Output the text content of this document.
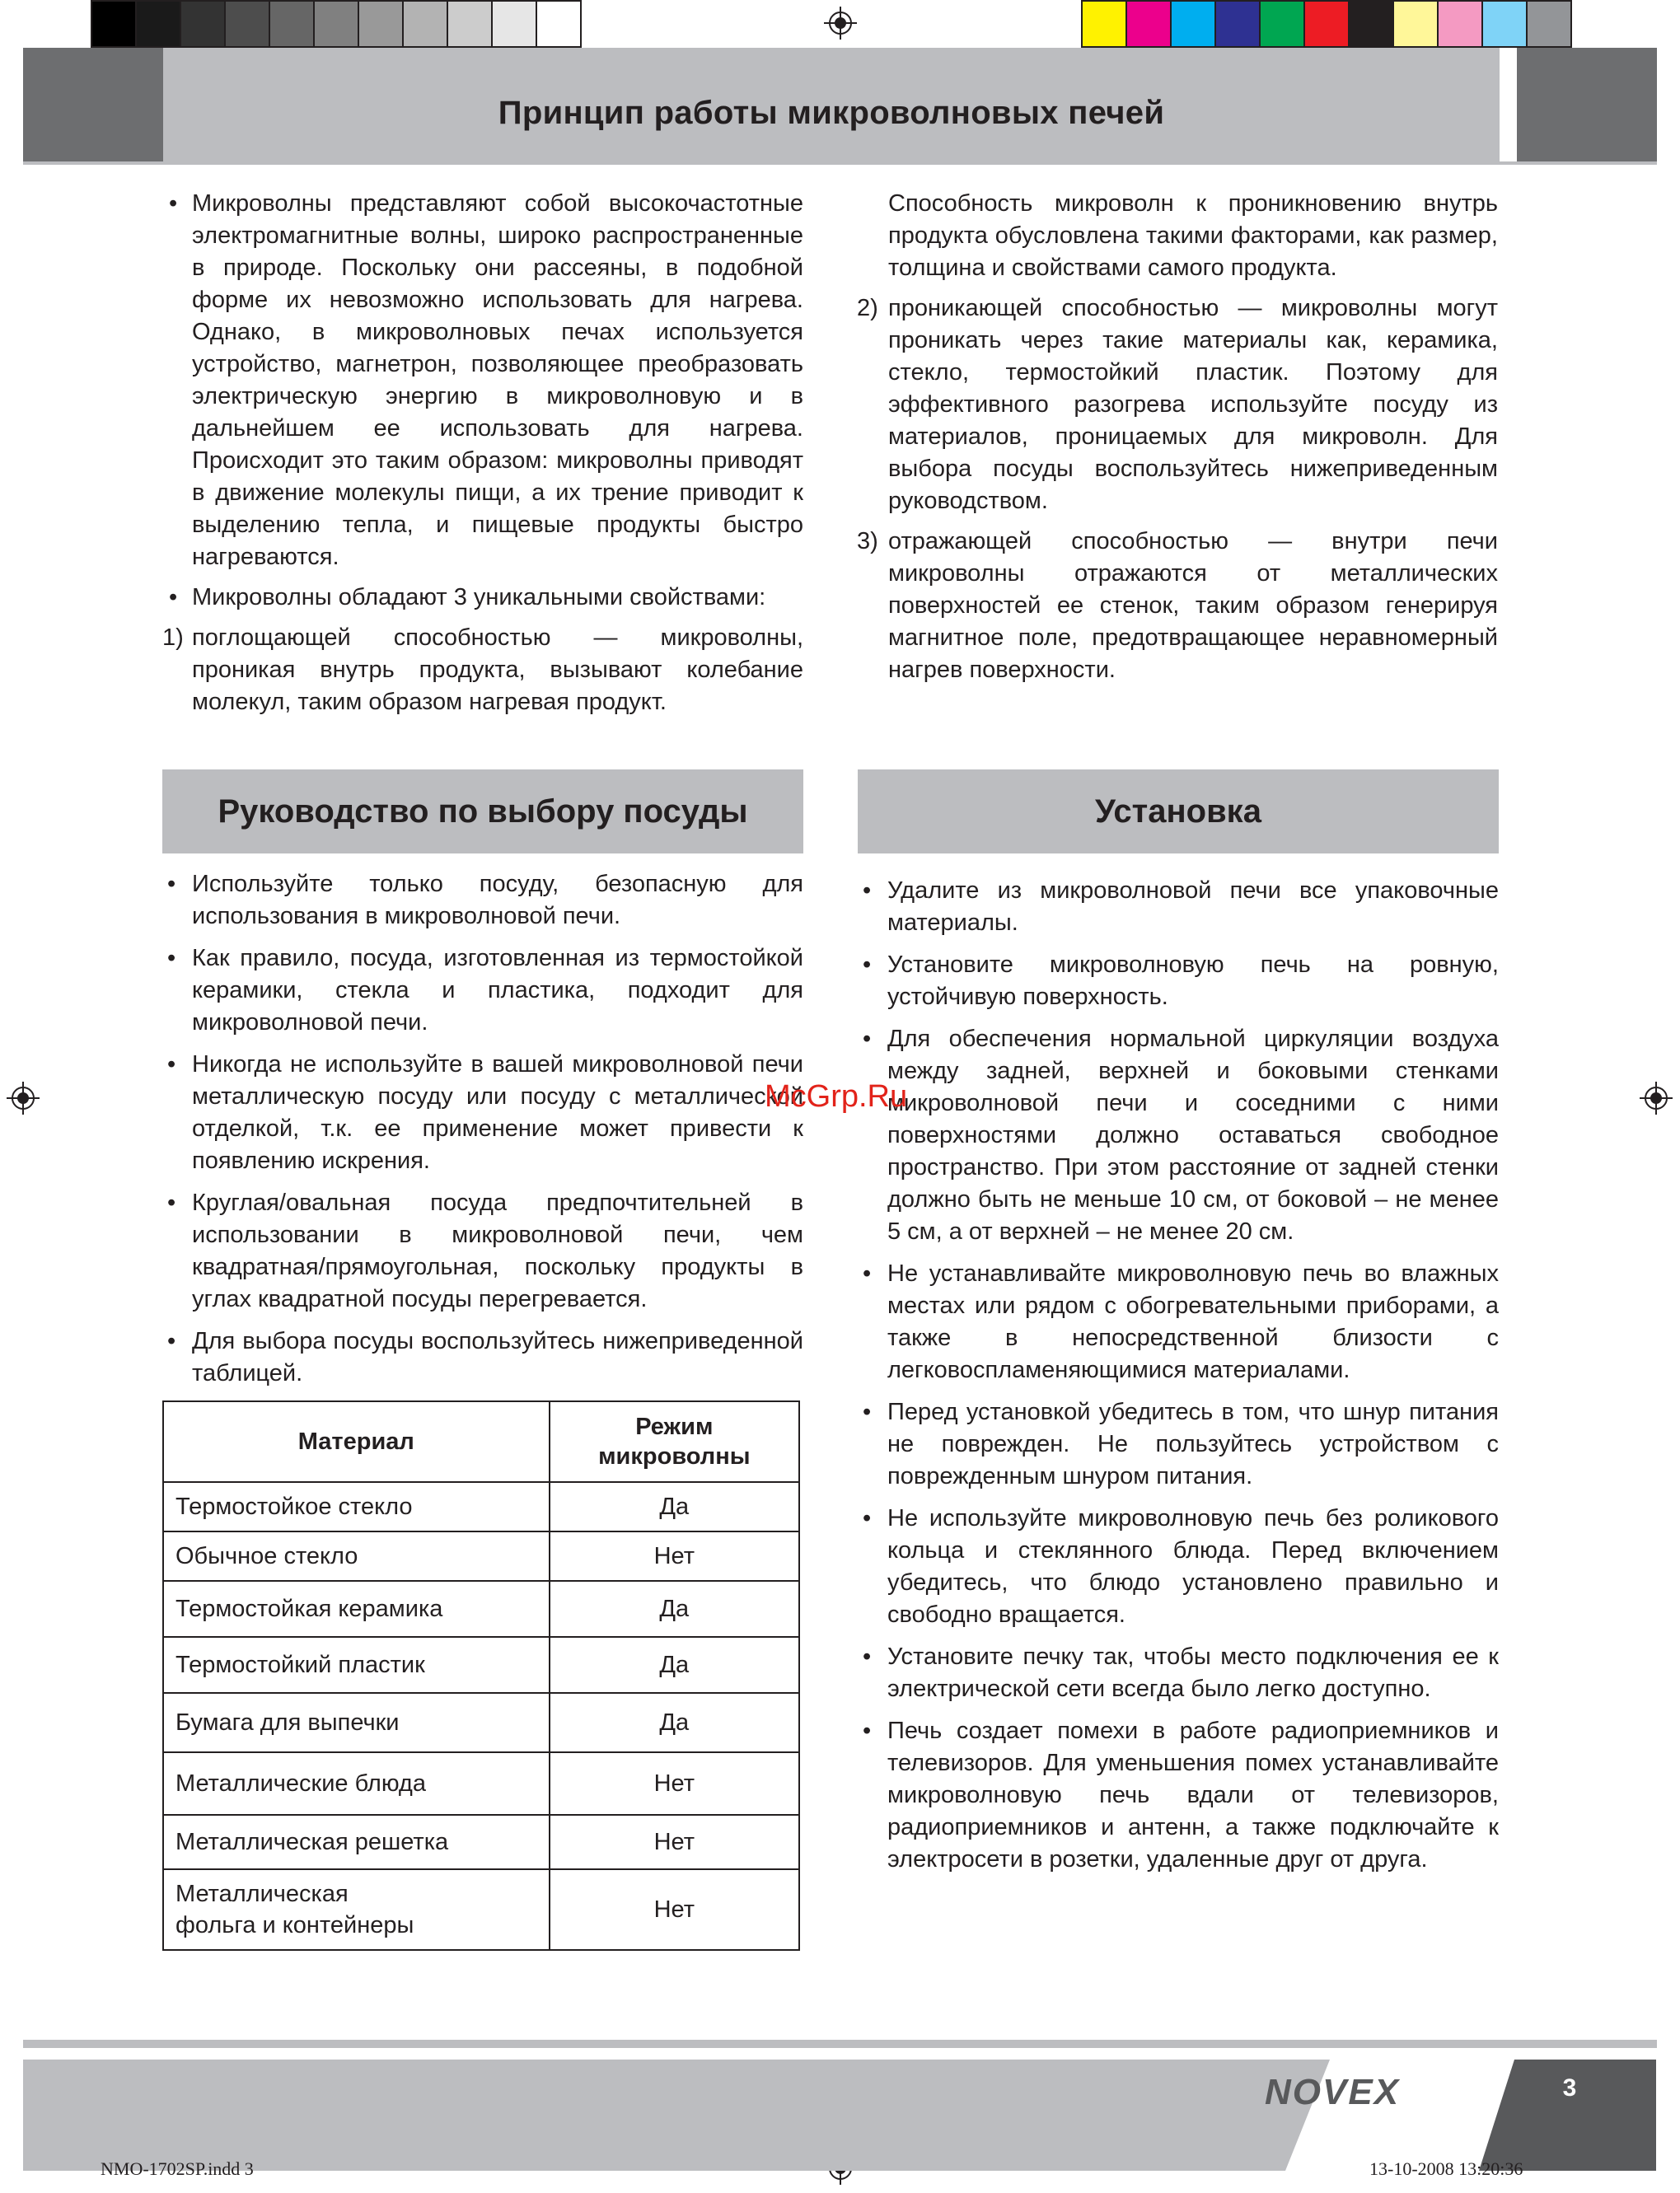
Принцип работы микроволновых печей
• Микроволны представляют собой высокочастотные электромагнитные волны, широко распространенные в природе. Поскольку они рассеяны, в подобной форме их невозможно использовать для нагрева. Однако, в микроволновых печах используется устройство, магнетрон, позволяющее преобразовать электрическую энергию в микроволновую и в дальнейшем ее использовать для нагрева. Происходит это таким образом: микроволны приводят в движение молекулы пищи, а их трение приводит к выделению тепла, и пищевые продукты быстро нагреваются.
• Микроволны обладают 3 уникальными свойствами:
1) поглощающей способностью — микроволны, проникая внутрь продукта, вызывают колебание молекул, таким образом нагревая продукт.
Способность микроволн к проникновению внутрь продукта обусловлена такими факторами, как размер, толщина и свойствами самого продукта.
2) проникающей способностью — микроволны могут проникать через такие материалы как, керамика, стекло, термостойкий пластик. Поэтому для эффективного разогрева используйте посуду из материалов, проницаемых для микроволн. Для выбора посуды воспользуйтесь нижеприведенным руководством.
3) отражающей способностью — внутри печи микроволны отражаются от металлических поверхностей ее стенок, таким образом генерируя магнитное поле, предотвращающее неравномерный нагрев поверхности.
Руководство по выбору посуды	Установка
• Используйте только посуду, безопасную для использования в микроволновой печи.
• Как правило, посуда, изготовленная из термостойкой керамики, стекла и пластика, подходит для микроволновой печи.
• Никогда не используйте в вашей микроволновой печи металлическую посуду или посуду с металлической отделкой, т.к. ее применение может привести к появлению искрения.
• Круглая/овальная посуда предпочтительней в использовании в микроволновой печи, чем квадратная/прямоугольная, поскольку продукты в углах квадратной посуды перегревается.
• Для выбора посуды воспользуйтесь нижеприведенной таблицей.
Материал	Режим микроволны
Термостойкое стекло	Да
Обычное стекло	Нет
Термостойкая керамика	Да
Термостойкий пластик	Да
Бумага для выпечки	Да
Металлические блюда	Нет
Металлическая решетка	Нет
Металлическая фольга и контейнеры	Нет
• Удалите из микроволновой печи все упаковочные материалы.
• Установите микроволновую печь на ровную, устойчивую поверхность.
• Для обеспечения нормальной циркуляции воздуха между задней, верхней и боковыми стенками микроволновой печи и соседними с ними поверхностями должно оставаться свободное пространство. При этом расстояние от задней стенки должно быть не меньше 10 см, от боковой – не менее 5 см, а от верхней – не менее 20 см.
• Не устанавливайте микроволновую печь во влажных местах или рядом с обогревательными приборами, а также в непосредственной близости с легковоспламеняющимися материалами.
• Перед установкой убедитесь в том, что шнур питания не поврежден. Не пользуйтесь устройством с поврежденным шнуром питания.
• Не используйте микроволновую печь без роликового кольца и стеклянного блюда. Перед включением убедитесь, что блюдо установлено правильно и свободно вращается.
• Установите печку так, чтобы место подключения ее к электрической сети всегда было легко доступно.
• Печь создает помехи в работе радиоприемников и телевизоров. Для уменьшения помех устанавливайте микроволновую печь вдали от телевизоров, радиоприемников и антенн, а также подключайте к электросети в розетки, удаленные друг от друга.
McGrp.Ru
NOVEX	3
NMO-1702SP.indd 3	13-10-2008 13:20:36
